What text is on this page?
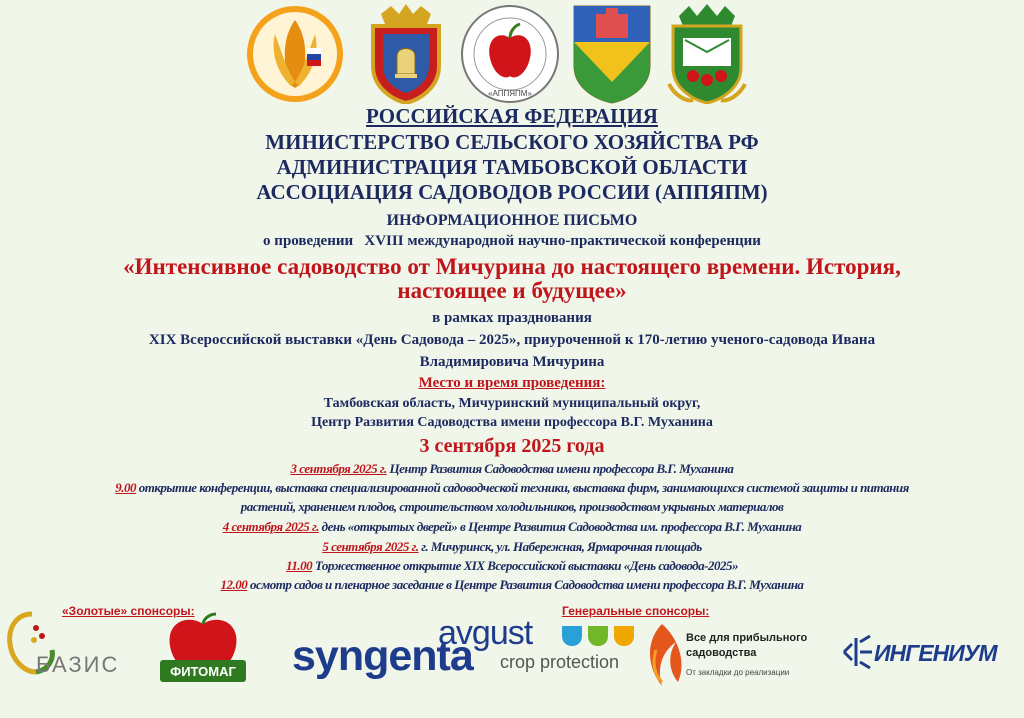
«АППЯПМ»
РОССИЙСКАЯ ФЕДЕРАЦИЯ
МИНИСТЕРСТВО СЕЛЬСКОГО ХОЗЯЙСТВА РФ
АДМИНИСТРАЦИЯ ТАМБОВСКОЙ ОБЛАСТИ
АССОЦИАЦИЯ САДОВОДОВ РОССИИ (АППЯПМ)
ИНФОРМАЦИОННОЕ ПИСЬМО
о проведении   XVIII международной научно-практической конференции
«Интенсивное садоводство от Мичурина до настоящего времени. История,
настоящее и будущее»
в рамках празднования
XIX Всероссийской выставки «День Садовода – 2025», приуроченной к 170-летию ученого-садовода Ивана
Владимировича Мичурина
Место и время проведения:
Тамбовская область, Мичуринский муниципальный округ,
Центр Развития Садоводства имени профессора В.Г. Муханина
3 сентября 2025 года
3 сентября 2025 г. Центр Развития Садоводства имени профессора В.Г. Муханина
9.00 открытие конференции, выставка специализированной садоводческой техники, выставка фирм, занимающихся системой защиты и питания
растений, хранением плодов, строительством холодильников, производством укрывных материалов
4 сентября 2025 г. день «открытых дверей» в Центре Развития Садоводства им. профессора В.Г. Муханина
5 сентября 2025 г. г. Мичуринск, ул. Набережная, Ярмарочная площадь
11.00 Торжественное открытие XIX Всероссийской выставки «День садовода-2025»
12.00 осмотр садов и пленарное заседание в Центре Развития Садоводства имени профессора В.Г. Муханина
«Золотые» спонсоры:	Генеральные спонсоры:
БАЗИС	ФИТОМАГ syngenta
avgust
crop protection
Все для прибыльного
садоводства
От закладки до реализации
ИНГЕНИУМ
